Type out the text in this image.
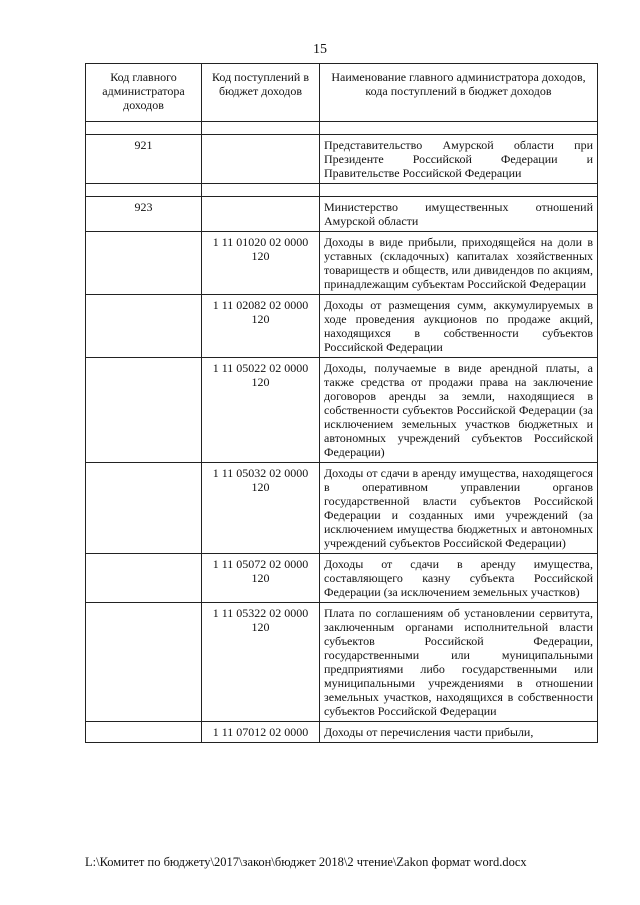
15
Код главного администратора доходов	Код поступлений в бюджет доходов	Наименование главного администратора доходов, кода поступлений в бюджет доходов

921		Представительство Амурской области при Президенте Российской Федерации и Правительстве Российской Федерации

923		Министерство имущественных отношений Амурской области
	1 11 01020 02 0000 120	Доходы в виде прибыли, приходящейся на доли в уставных (складочных) капиталах хозяйственных товариществ и обществ, или дивидендов по акциям, принадлежащим субъектам Российской Федерации
	1 11 02082 02 0000 120	Доходы от размещения сумм, аккумулируемых в ходе проведения аукционов по продаже акций, находящихся в собственности субъектов Российской Федерации
	1 11 05022 02 0000 120	Доходы, получаемые в виде арендной платы, а также средства от продажи права на заключение договоров аренды за земли, находящиеся в собственности субъектов Российской Федерации (за исключением земельных участков бюджетных и автономных учреждений субъектов Российской Федерации)
	1 11 05032 02 0000 120	Доходы от сдачи в аренду имущества, находящегося в оперативном управлении органов государственной власти субъектов Российской Федерации и созданных ими учреждений (за исключением имущества бюджетных и автономных учреждений субъектов Российской Федерации)
	1 11 05072 02 0000 120	Доходы от сдачи в аренду имущества, составляющего казну субъекта Российской Федерации (за исключением земельных участков)
	1 11 05322 02 0000 120	Плата по соглашениям об установлении сервитута, заключенным органами исполнительной власти субъектов Российской Федерации, государственными или муниципальными предприятиями либо государственными или муниципальными учреждениями в отношении земельных участков, находящихся в собственности субъектов Российской Федерации
	1 11 07012 02 0000	Доходы от перечисления части прибыли,
L:\Комитет по бюджету\2017\закон\бюджет 2018\2 чтение\Zakon формат word.docx
